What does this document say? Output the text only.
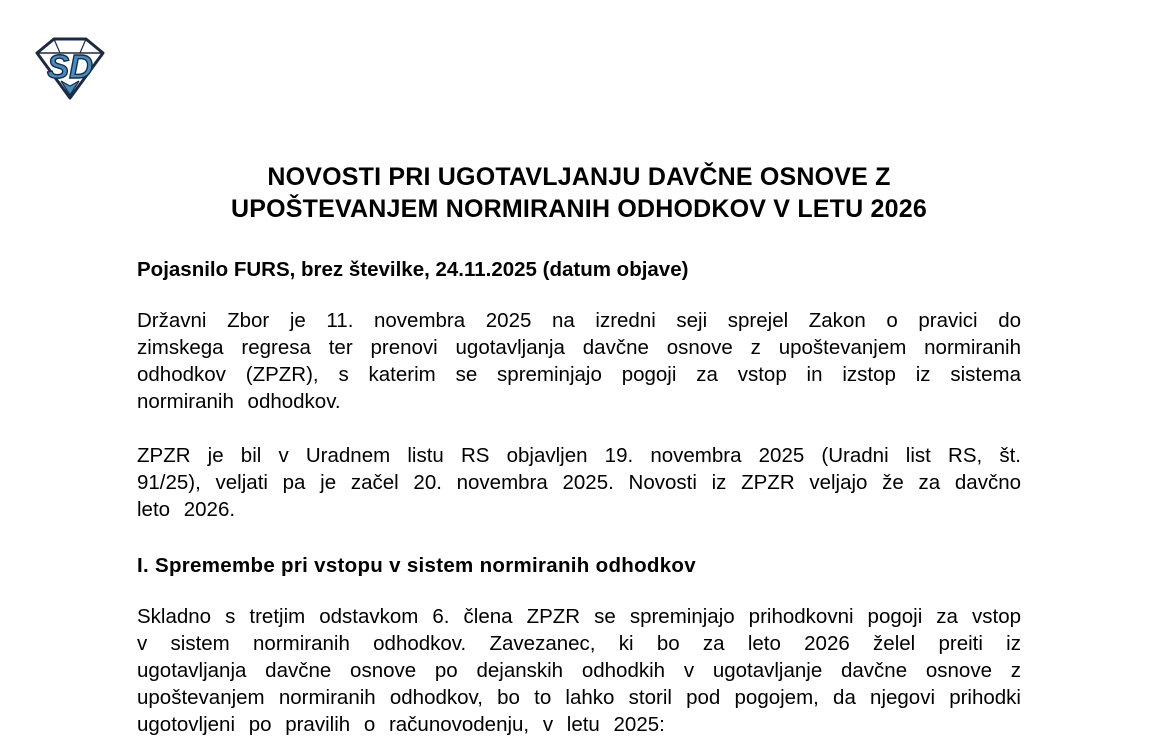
SD
NOVOSTI PRI UGOTAVLJANJU DAVČNE OSNOVE Z
UPOŠTEVANJEM NORMIRANIH ODHODKOV V LETU 2026

Pojasnilo FURS, brez številke, 24.11.2025 (datum objave)

Državni Zbor je 11. novembra 2025 na izredni seji sprejel Zakon o pravici do zimskega regresa ter prenovi ugotavljanja davčne osnove z upoštevanjem normiranih odhodkov (ZPZR), s katerim se spreminjajo pogoji za vstop in izstop iz sistema normiranih odhodkov.

ZPZR je bil v Uradnem listu RS objavljen 19. novembra 2025 (Uradni list RS, št. 91/25), veljati pa je začel 20. novembra 2025. Novosti iz ZPZR veljajo že za davčno leto 2026.

I. Spremembe pri vstopu v sistem normiranih odhodkov

Skladno s tretjim odstavkom 6. člena ZPZR se spreminjajo prihodkovni pogoji za vstop v sistem normiranih odhodkov. Zavezanec, ki bo za leto 2026 želel preiti iz ugotavljanja davčne osnove po dejanskih odhodkih v ugotavljanje davčne osnove z upoštevanjem normiranih odhodkov, bo to lahko storil pod pogojem, da njegovi prihodki ugotovljeni po pravilih o računovodenju, v letu 2025:
